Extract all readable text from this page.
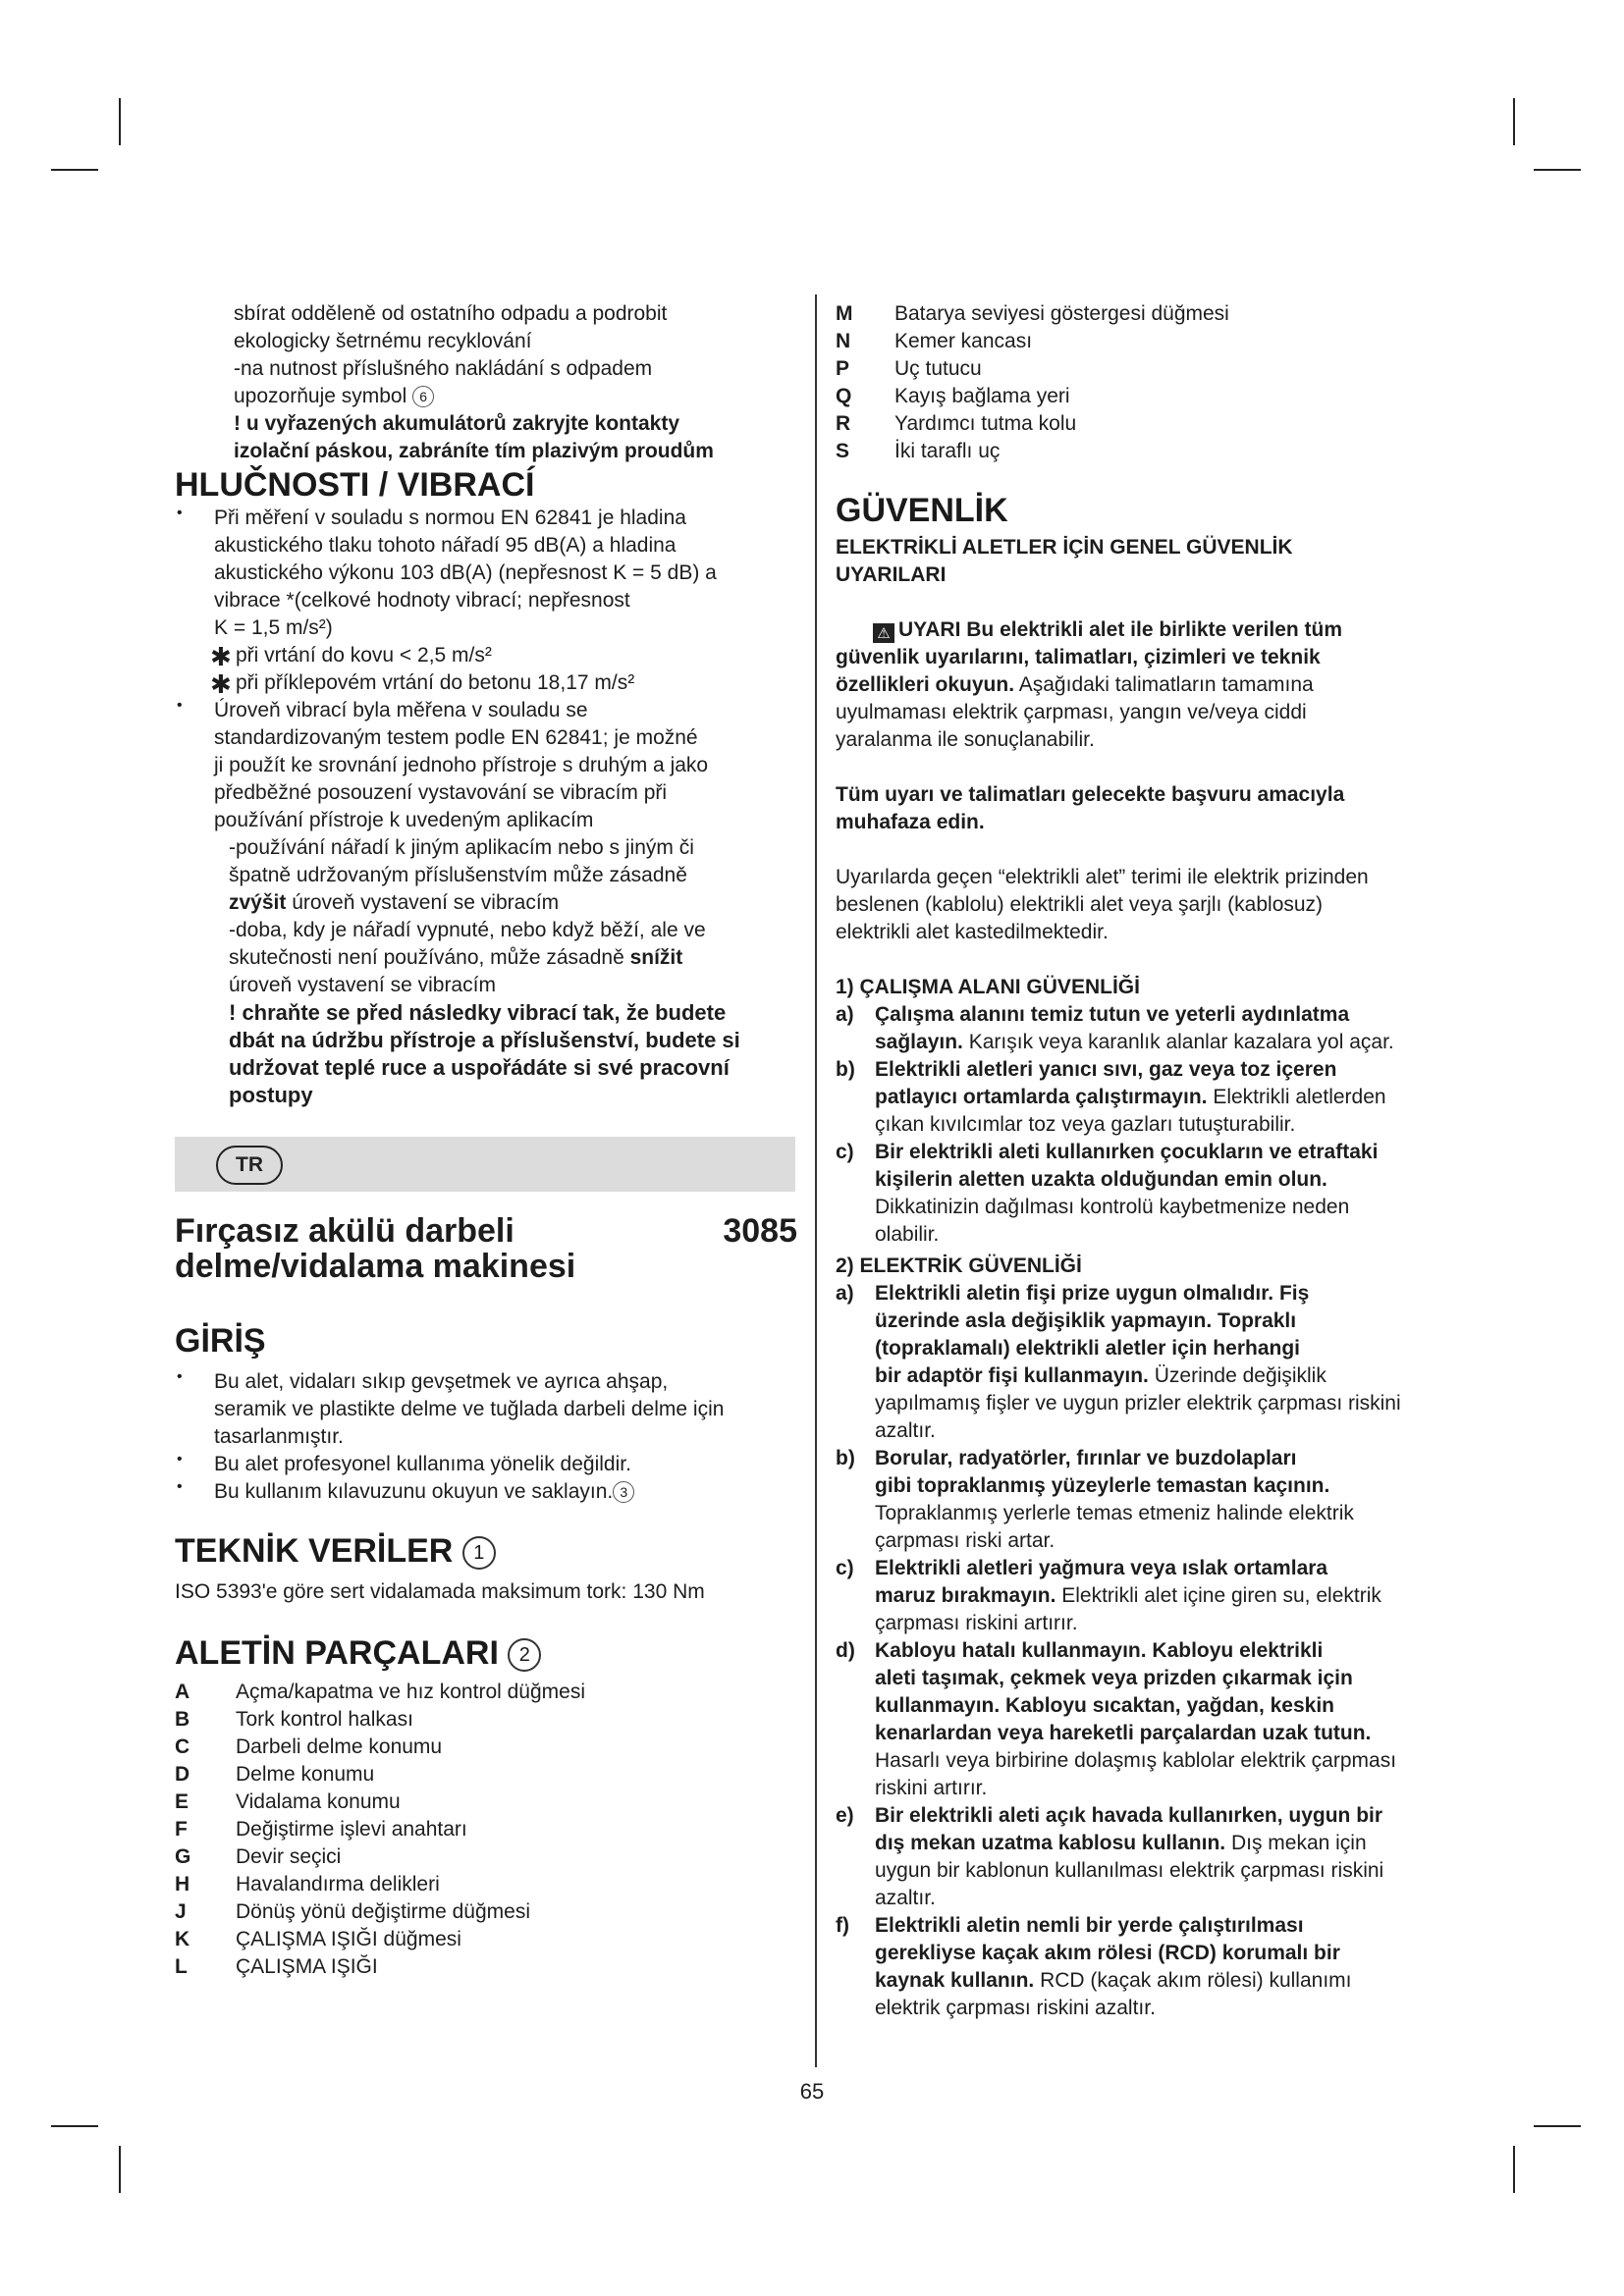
sbírat odděleně od ostatního odpadu a podrobit

ekologicky šetrnému recyklování

-na nutnost příslušného nakládání s odpadem

upozorňuje symbol 6

! u vyřazených akumulátorů zakryjte kontakty

izolační páskou, zabráníte tím plazivým proudům

HLUČNOSTI / VIBRACÍ

• Při měření v souladu s normou EN 62841 je hladina

akustického tlaku tohoto nářadí 95 dB(A) a hladina

akustického výkonu 103 dB(A) (nepřesnost K = 5 dB) a

vibrace *(celkové hodnoty vibrací; nepřesnost

K = 1,5 m/s²)

✱ při vrtání do kovu < 2,5 m/s²

✱ při příklepovém vrtání do betonu 18,17 m/s²

• Úroveň vibrací byla měřena v souladu se

standardizovaným testem podle EN 62841; je možné

ji použít ke srovnání jednoho přístroje s druhým a jako

předběžné posouzení vystavování se vibracím při

používání přístroje k uvedeným aplikacím

-používání nářadí k jiným aplikacím nebo s jiným či

špatně udržovaným příslušenstvím může zásadně

zvýšit úroveň vystavení se vibracím

-doba, kdy je nářadí vypnuté, nebo když běží, ale ve

skutečnosti není používáno, může zásadně snížit

úroveň vystavení se vibracím

! chraňte se před následky vibrací tak, že budete

dbát na údržbu přístroje a příslušenství, budete si

udržovat teplé ruce a uspořádáte si své pracovní

postupy

TR

Fırçasız akülü darbeli delme/vidalama makinesi

3085
GİRİŞ

• Bu alet, vidaları sıkıp gevşetmek ve ayrıca ahşap,

seramik ve plastikte delme ve tuğlada darbeli delme için

tasarlanmıştır.

• Bu alet profesyonel kullanıma yönelik değildir.

• Bu kullanım kılavuzunu okuyun ve saklayın. 3

TEKNİK VERİLER 1

ISO 5393'e göre sert vidalamada maksimum tork: 130 Nm

ALETİN PARÇALARI 2
A	Açma/kapatma ve hız kontrol düğmesi
B	Tork kontrol halkası
C	Darbeli delme konumu
D	Delme konumu
E	Vidalama konumu
F	Değiştirme işlevi anahtarı
G	Devir seçici
H	Havalandırma delikleri
J	Dönüş yönü değiştirme düğmesi
K	ÇALIŞMA IŞIĞI düğmesi
L	ÇALIŞMA IŞIĞI
M	Batarya seviyesi göstergesi düğmesi
N	Kemer kancası
P	Uç tutucu
Q	Kayış bağlama yeri
R	Yardımcı tutma kolu
S	İki taraflı uç
GÜVENLİK

ELEKTRİKLİ ALETLER İÇİN GENEL GÜVENLİK

UYARILARI

⚠ UYARI Bu elektrikli alet ile birlikte verilen tüm

güvenlik uyarılarını, talimatları, çizimleri ve teknik

özellikleri okuyun. Aşağıdaki talimatların tamamına

uyulmaması elektrik çarpması, yangın ve/veya ciddi

yaralanma ile sonuçlanabilir.

Tüm uyarı ve talimatları gelecekte başvuru amacıyla

muhafaza edin.

Uyarılarda geçen “elektrikli alet” terimi ile elektrik prizinden

beslenen (kablolu) elektrikli alet veya şarjlı (kablosuz)

elektrikli alet kastedilmektedir.

1) ÇALIŞMA ALANI GÜVENLİĞİ

a) Çalışma alanını temiz tutun ve yeterli aydınlatma
sağlayın. Karışık veya karanlık alanlar kazalara yol açar.
b) Elektrikli aletleri yanıcı sıvı, gaz veya toz içeren
patlayıcı ortamlarda çalıştırmayın. Elektrikli aletlerden
çıkan kıvılcımlar toz veya gazları tutuşturabilir.
c) Bir elektrikli aleti kullanırken çocukların ve etraftaki
kişilerin aletten uzakta olduğundan emin olun.
Dikkatinizin dağılması kontrolü kaybetmenize neden
olabilir.

2) ELEKTRİK GÜVENLİĞİ

a) Elektrikli aletin fişi prize uygun olmalıdır. Fiş
üzerinde asla değişiklik yapmayın. Topraklı
(topraklamalı) elektrikli aletler için herhangi
bir adaptör fişi kullanmayın. Üzerinde değişiklik
yapılmamış fişler ve uygun prizler elektrik çarpması riskini
azaltır.
b) Borular, radyatörler, fırınlar ve buzdolapları
gibi topraklanmış yüzeylerle temastan kaçının.
Topraklanmış yerlerle temas etmeniz halinde elektrik
çarpması riski artar.
c) Elektrikli aletleri yağmura veya ıslak ortamlara
maruz bırakmayın. Elektrikli alet içine giren su, elektrik
çarpması riskini artırır.
d) Kabloyu hatalı kullanmayın. Kabloyu elektrikli
aleti taşımak, çekmek veya prizden çıkarmak için
kullanmayın. Kabloyu sıcaktan, yağdan, keskin
kenarlardan veya hareketli parçalardan uzak tutun.
Hasarlı veya birbirine dolaşmış kablolar elektrik çarpması
riskini artırır.
e) Bir elektrikli aleti açık havada kullanırken, uygun bir
dış mekan uzatma kablosu kullanın. Dış mekan için
uygun bir kablonun kullanılması elektrik çarpması riskini
azaltır.
f) Elektrikli aletin nemli bir yerde çalıştırılması
gerekliyse kaçak akım rölesi (RCD) korumalı bir
kaynak kullanın. RCD (kaçak akım rölesi) kullanımı
elektrik çarpması riskini azaltır.
65
